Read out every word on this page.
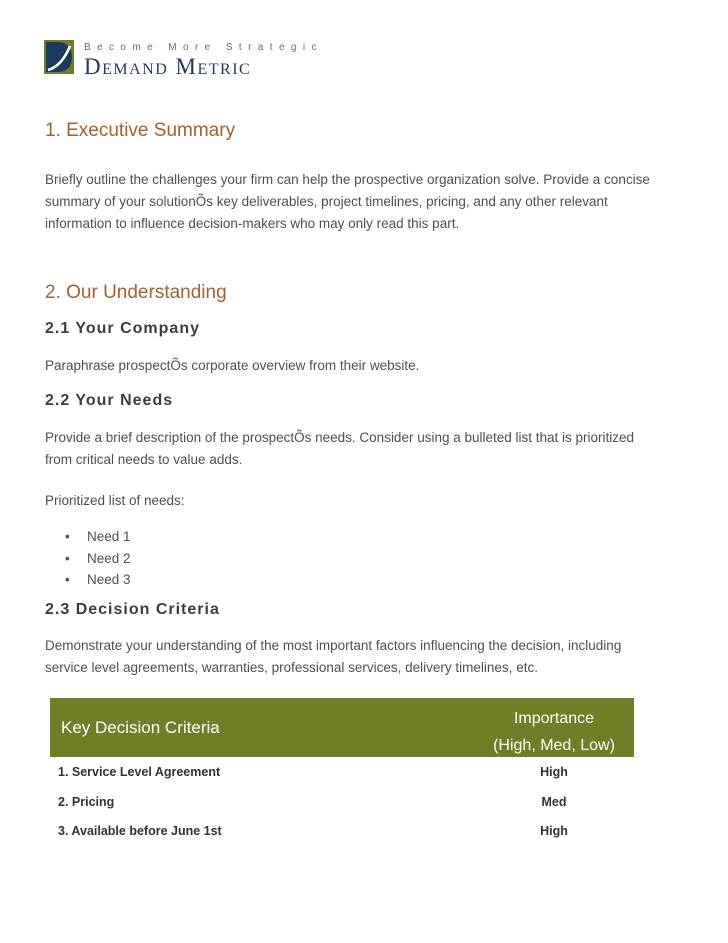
Become More Strategic
Demand Metric
1. Executive Summary

Briefly outline the challenges your firm can help the prospective organization solve. Provide a concise summary of your solutionÕs key deliverables, project timelines, pricing, and any other relevant information to influence decision-makers who may only read this part.

2. Our Understanding
2.1 Your Company

Paraphrase prospectÕs corporate overview from their website.

2.2 Your Needs

Provide a brief description of the prospectÕs needs. Consider using a bulleted list that is prioritized from critical needs to value adds.

Prioritized list of needs:

• Need 1
• Need 2
• Need 3
2.3 Decision Criteria

Demonstrate your understanding of the most important factors influencing the decision, including service level agreements, warranties, professional services, delivery timelines, etc.

Key Decision Criteria	Importance
(High, Med, Low)
1. Service Level Agreement	High
2. Pricing	Med
3. Available before June 1st	High
